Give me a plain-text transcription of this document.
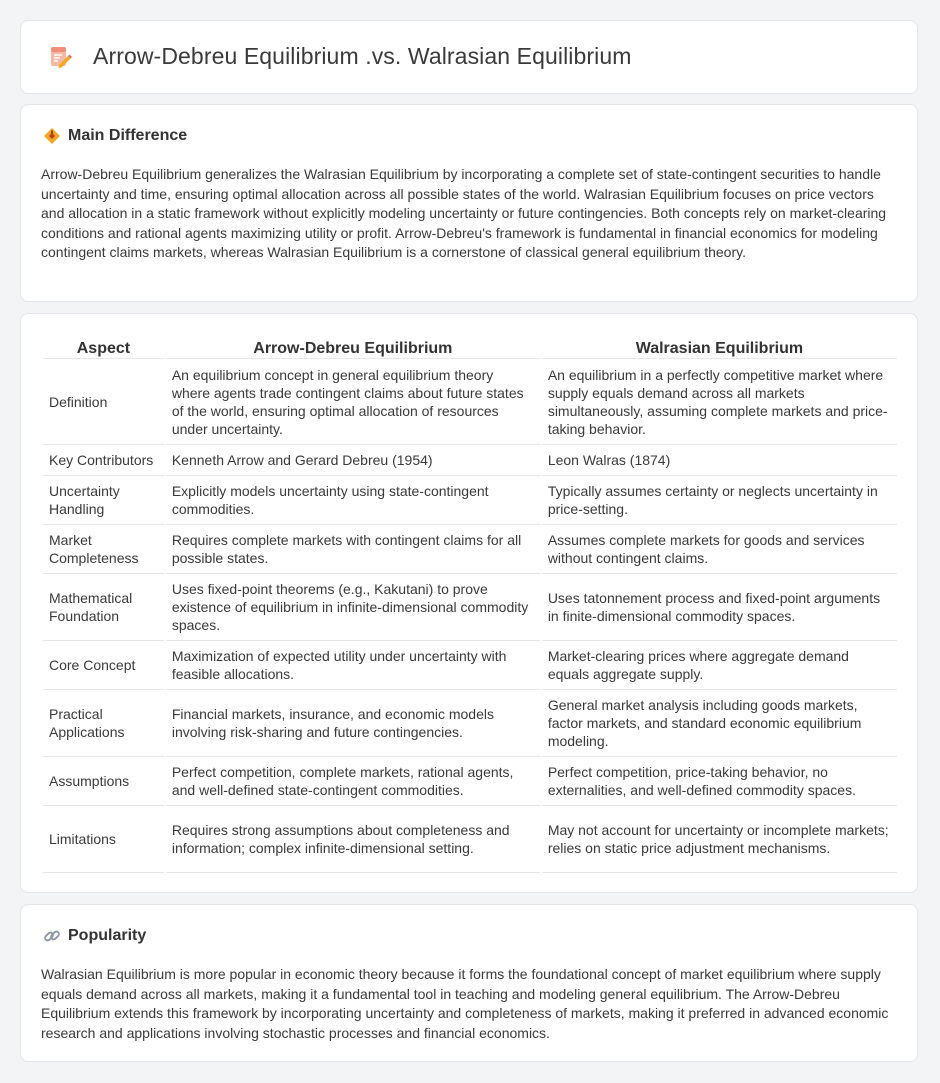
Arrow-Debreu Equilibrium .vs. Walrasian Equilibrium
Main Difference
Arrow-Debreu Equilibrium generalizes the Walrasian Equilibrium by incorporating a complete set of state-contingent securities to handle uncertainty and time, ensuring optimal allocation across all possible states of the world. Walrasian Equilibrium focuses on price vectors and allocation in a static framework without explicitly modeling uncertainty or future contingencies. Both concepts rely on market-clearing conditions and rational agents maximizing utility or profit. Arrow-Debreu's framework is fundamental in financial economics for modeling contingent claims markets, whereas Walrasian Equilibrium is a cornerstone of classical general equilibrium theory.
Aspect	Arrow-Debreu Equilibrium	Walrasian Equilibrium
Definition	An equilibrium concept in general equilibrium theory where agents trade contingent claims about future states of the world, ensuring optimal allocation of resources under uncertainty.	An equilibrium in a perfectly competitive market where supply equals demand across all markets simultaneously, assuming complete markets and price-taking behavior.
Key Contributors	Kenneth Arrow and Gerard Debreu (1954)	Leon Walras (1874)
Uncertainty Handling	Explicitly models uncertainty using state-contingent commodities.	Typically assumes certainty or neglects uncertainty in price-setting.
Market Completeness	Requires complete markets with contingent claims for all possible states.	Assumes complete markets for goods and services without contingent claims.
Mathematical Foundation	Uses fixed-point theorems (e.g., Kakutani) to prove existence of equilibrium in infinite-dimensional commodity spaces.	Uses tatonnement process and fixed-point arguments in finite-dimensional commodity spaces.
Core Concept	Maximization of expected utility under uncertainty with feasible allocations.	Market-clearing prices where aggregate demand equals aggregate supply.
Practical Applications	Financial markets, insurance, and economic models involving risk-sharing and future contingencies.	General market analysis including goods markets, factor markets, and standard economic equilibrium modeling.
Assumptions	Perfect competition, complete markets, rational agents, and well-defined state-contingent commodities.	Perfect competition, price-taking behavior, no externalities, and well-defined commodity spaces.
Limitations	Requires strong assumptions about completeness and information; complex infinite-dimensional setting.	May not account for uncertainty or incomplete markets; relies on static price adjustment mechanisms.
Popularity
Walrasian Equilibrium is more popular in economic theory because it forms the foundational concept of market equilibrium where supply equals demand across all markets, making it a fundamental tool in teaching and modeling general equilibrium. The Arrow-Debreu Equilibrium extends this framework by incorporating uncertainty and completeness of markets, making it preferred in advanced economic research and applications involving stochastic processes and financial economics.
